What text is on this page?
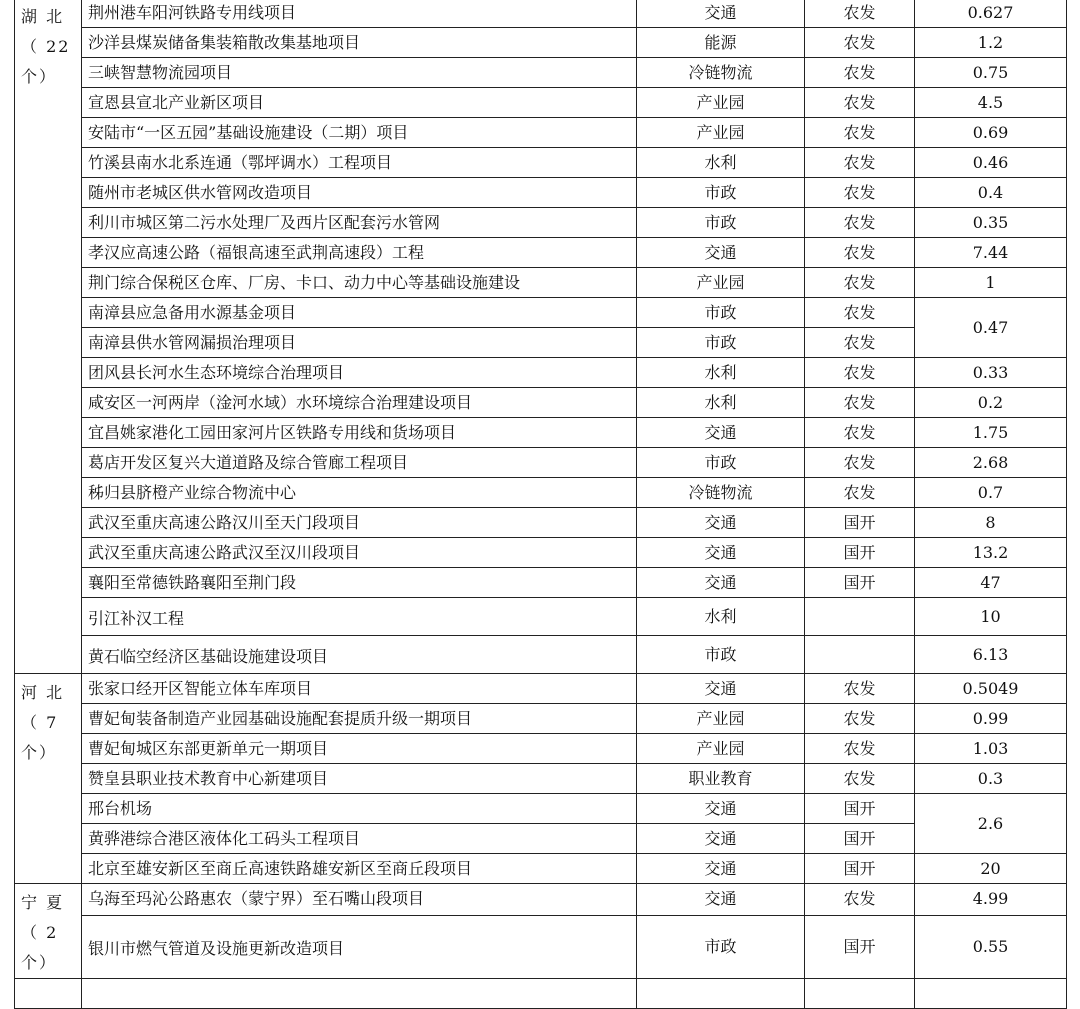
湖 北
（ 22
个）	荆州港车阳河铁路专用线项目	交通	农发	0.627
	沙洋县煤炭储备集装箱散改集基地项目	能源	农发	1.2
	三峡智慧物流园项目	冷链物流	农发	0.75
	宣恩县宣北产业新区项目	产业园	农发	4.5
	安陆市“一区五园”基础设施建设（二期）项目	产业园	农发	0.69
	竹溪县南水北系连通（鄂坪调水）工程项目	水利	农发	0.46
	随州市老城区供水管网改造项目	市政	农发	0.4
	利川市城区第二污水处理厂及西片区配套污水管网	市政	农发	0.35
	孝汉应高速公路（福银高速至武荆高速段）工程	交通	农发	7.44
	荆门综合保税区仓库、厂房、卡口、动力中心等基础设施建设	产业园	农发	1
	南漳县应急备用水源基金项目	市政	农发	0.47
	南漳县供水管网漏损治理项目	市政	农发	
	团风县长河水生态环境综合治理项目	水利	农发	0.33
	咸安区一河两岸（淦河水域）水环境综合治理建设项目	水利	农发	0.2
	宜昌姚家港化工园田家河片区铁路专用线和货场项目	交通	农发	1.75
	葛店开发区复兴大道道路及综合管廊工程项目	市政	农发	2.68
	秭归县脐橙产业综合物流中心	冷链物流	农发	0.7
	武汉至重庆高速公路汉川至天门段项目	交通	国开	8
	武汉至重庆高速公路武汉至汉川段项目	交通	国开	13.2
	襄阳至常德铁路襄阳至荆门段	交通	国开	47
	引江补汉工程	水利		10
	黄石临空经济区基础设施建设项目	市政		6.13

河 北
（ 7
个）	张家口经开区智能立体车库项目	交通	农发	0.5049
	曹妃甸装备制造产业园基础设施配套提质升级一期项目	产业园	农发	0.99
	曹妃甸城区东部更新单元一期项目	产业园	农发	1.03
	赞皇县职业技术教育中心新建项目	职业教育	农发	0.3
	邢台机场	交通	国开	2.6
	黄骅港综合港区液体化工码头工程项目	交通	国开	
	北京至雄安新区至商丘高速铁路雄安新区至商丘段项目	交通	国开	20

宁 夏
（ 2
个）	乌海至玛沁公路惠农（蒙宁界）至石嘴山段项目	交通	农发	4.99
	银川市燃气管道及设施更新改造项目	市政	国开	0.55
